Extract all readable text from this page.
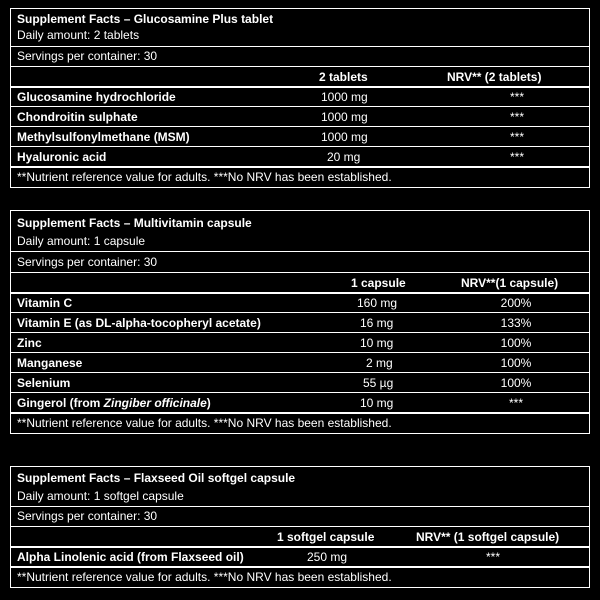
Supplement Facts – Glucosamine Plus tablet
Daily amount: 2 tablets
Servings per container: 30
2 tablets	NRV** (2 tablets)
Glucosamine hydrochloride	1000 mg	***
Chondroitin sulphate	1000 mg	***
Methylsulfonylmethane (MSM)	1000 mg	***
Hyaluronic acid	20 mg	***
**Nutrient reference value for adults. ***No NRV has been established.
Supplement Facts – Multivitamin capsule
Daily amount: 1 capsule
Servings per container: 30
1 capsule	NRV**(1 capsule)
Vitamin C	160 mg	200%
Vitamin E (as DL-alpha-tocopheryl acetate)	16 mg	133%
Zinc	10 mg	100%
Manganese	2 mg	100%
Selenium	55 µg	100%
Gingerol (from Zingiber officinale)	10 mg	***
**Nutrient reference value for adults. ***No NRV has been established.
Supplement Facts – Flaxseed Oil softgel capsule
Daily amount: 1 softgel capsule
Servings per container: 30
1 softgel capsule	NRV** (1 softgel capsule)
Alpha Linolenic acid (from Flaxseed oil)	250 mg	***
**Nutrient reference value for adults. ***No NRV has been established.
